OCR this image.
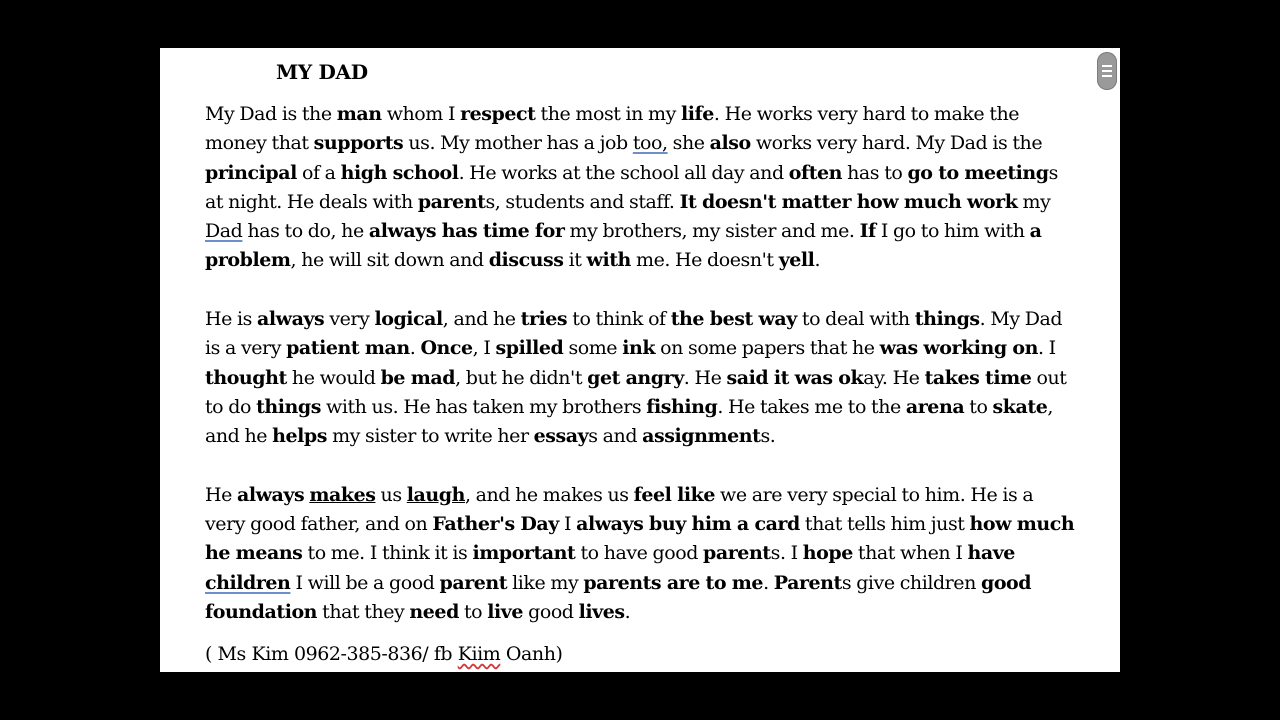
MY DAD

My Dad is the man whom I respect the most in my life. He works very hard to make the money that supports us. My mother has a job too, she also works very hard. My Dad is the principal of a high school. He works at the school all day and often has to go to meetings at night. He deals with parents, students and staff. It doesn't matter how much work my Dad has to do, he always has time for my brothers, my sister and me. If I go to him with a problem, he will sit down and discuss it with me. He doesn't yell.

He is always very logical, and he tries to think of the best way to deal with things. My Dad is a very patient man. Once, I spilled some ink on some papers that he was working on. I thought he would be mad, but he didn't get angry. He said it was okay. He takes time out to do things with us. He has taken my brothers fishing. He takes me to the arena to skate, and he helps my sister to write her essays and assignments.

He always makes us laugh, and he makes us feel like we are very special to him. He is a very good father, and on Father's Day I always buy him a card that tells him just how much he means to me. I think it is important to have good parents. I hope that when I have children I will be a good parent like my parents are to me. Parents give children good foundation that they need to live good lives.

( Ms Kim 0962-385-836/ fb Kiim Oanh)
